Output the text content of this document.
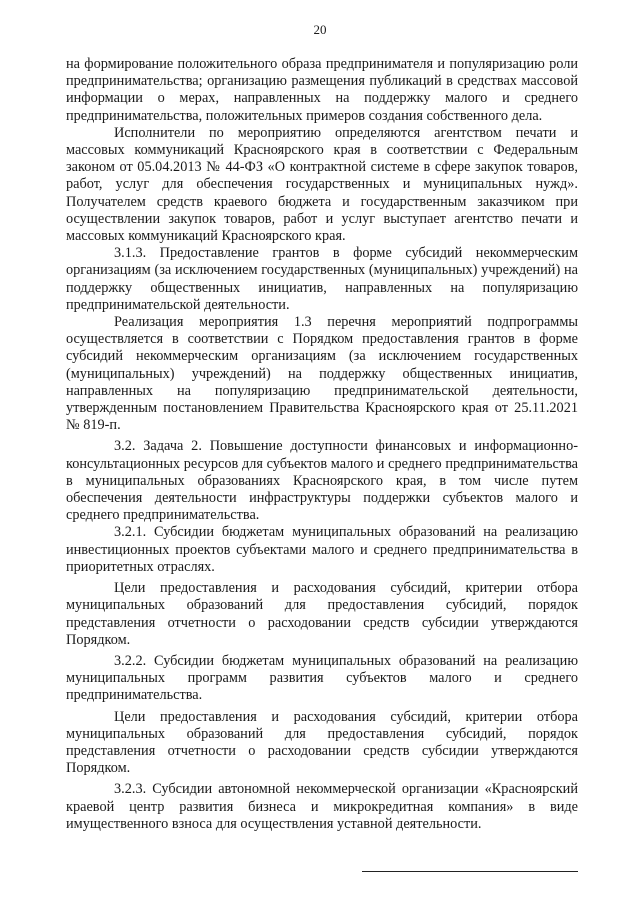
20

на формирование положительного образа предпринимателя и популяризацию роли предпринимательства; организацию размещения публикаций в средствах массовой информации о мерах, направленных на поддержку малого и среднего предпринимательства, положительных примеров создания собственного дела.

Исполнители по мероприятию определяются агентством печати и массовых коммуникаций Красноярского края в соответствии с Федеральным законом от 05.04.2013 № 44-ФЗ «О контрактной системе в сфере закупок товаров, работ, услуг для обеспечения государственных и муниципальных нужд». Получателем средств краевого бюджета и государственным заказчиком при осуществлении закупок товаров, работ и услуг выступает агентство печати и массовых коммуникаций Красноярского края.

3.1.3. Предоставление грантов в форме субсидий некоммерческим организациям (за исключением государственных (муниципальных) учреждений) на поддержку общественных инициатив, направленных на популяризацию предпринимательской деятельности.

Реализация мероприятия 1.3 перечня мероприятий подпрограммы осуществляется в соответствии с Порядком предоставления грантов в форме субсидий некоммерческим организациям (за исключением государственных (муниципальных) учреждений) на поддержку общественных инициатив, направленных на популяризацию предпринимательской деятельности, утвержденным постановлением Правительства Красноярского края от 25.11.2021 № 819-п.

3.2. Задача 2. Повышение доступности финансовых и информационно-консультационных ресурсов для субъектов малого и среднего предпринимательства в муниципальных образованиях Красноярского края, в том числе путем обеспечения деятельности инфраструктуры поддержки субъектов малого и среднего предпринимательства.

3.2.1. Субсидии бюджетам муниципальных образований на реализацию инвестиционных проектов субъектами малого и среднего предпринимательства в приоритетных отраслях.

Цели предоставления и расходования субсидий, критерии отбора муниципальных образований для предоставления субсидий, порядок представления отчетности о расходовании средств субсидии утверждаются Порядком.

3.2.2. Субсидии бюджетам муниципальных образований на реализацию муниципальных программ развития субъектов малого и среднего предпринимательства.

Цели предоставления и расходования субсидий, критерии отбора муниципальных образований для предоставления субсидий, порядок представления отчетности о расходовании средств субсидии утверждаются Порядком.

3.2.3. Субсидии автономной некоммерческой организации «Красноярский краевой центр развития бизнеса и микрокредитная компания» в виде имущественного взноса для осуществления уставной деятельности.
